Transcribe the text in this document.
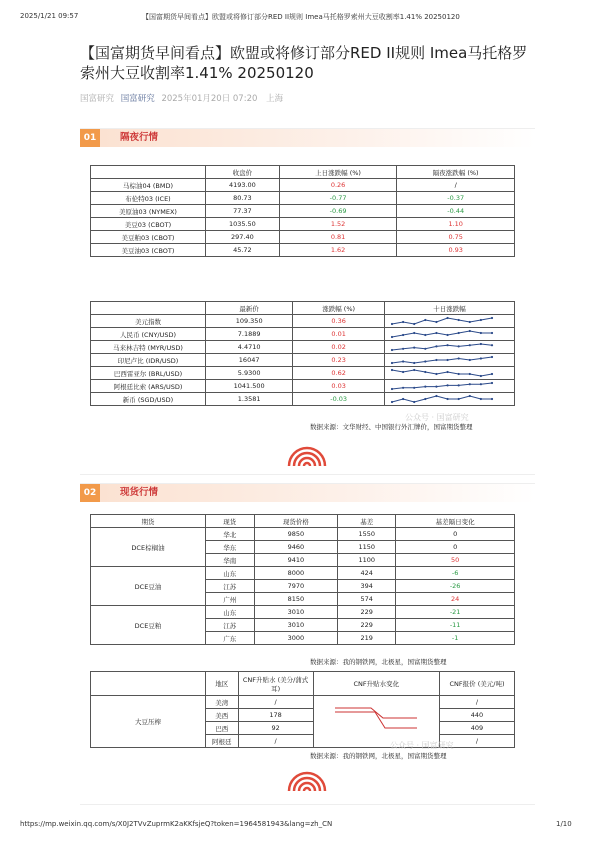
2025/1/21 09:57	【国富期货早间看点】欧盟或将修订部分RED II规则 Imea马托格罗索州大豆收割率1.41% 20250120
【国富期货早间看点】欧盟或将修订部分RED II规则 Imea马托格罗索州大豆收割率1.41% 20250120
国富研究 国富研究 2025年01月20日 07:20 上海
01	隔夜行情
	收盘价	上日涨跌幅 (%)	隔夜涨跌幅 (%)
马棕油04 (BMD)	4193.00	0.26	/
布伦特03 (ICE)	80.73	-0.77	-0.37
美原油03 (NYMEX)	77.37	-0.69	-0.44
美豆03 (CBOT)	1035.50	1.52	1.10
美豆粕03 (CBOT)	297.40	0.81	0.75
美豆油03 (CBOT)	45.72	1.62	0.93
	最新价	涨跌幅 (%)	十日涨跌幅
美元指数	109.350	0.36	

人民币 (CNY/USD)	7.1889	0.01	

马来林吉特 (MYR/USD)	4.4710	0.02	

印尼卢比 (IDR/USD)	16047	0.23	

巴西雷亚尔 (BRL/USD)	5.9300	0.62	

阿根廷比索 (ARS/USD)	1041.500	0.03	

新币 (SGD/USD)	1.3581	-0.03	
公众号 · 国富研究
数据来源：文华财经、中国银行外汇牌价，国富期货整理
02	现货行情
期货	现货	现货价格	基差	基差隔日变化
DCE棕榈油	华北	9850	1550	0
	华东	9460	1150	0
	华南	9410	1100	50
DCE豆油	山东	8000	424	-6
	江苏	7970	394	-26
	广州	8150	574	24
DCE豆粕	山东	3010	229	-21
	江苏	3010	229	-11
	广东	3000	219	-1
数据来源：我的钢铁网，北极星，国富期货整理
	地区	CNF升贴水 (美分/蒲式耳)	CNF升贴水变化	CNF报价 (美元/吨)
大豆压榨	美湾	/		/
	美西	178		440
	巴西	92		409
	阿根廷	/		/
公众号 · 国富研究
数据来源：我的钢铁网，北极星，国富期货整理
https://mp.weixin.qq.com/s/X0J2TVvZuprmK2aKKfsjeQ?token=1964581943&lang=zh_CN	1/10
